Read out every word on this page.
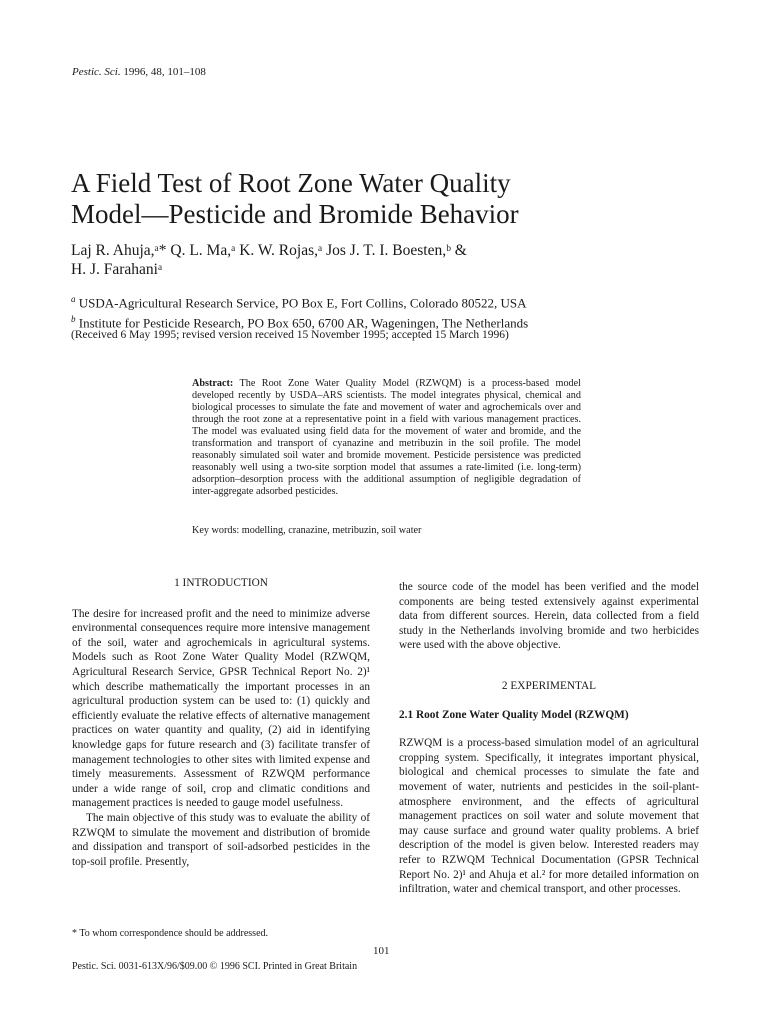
Pestic. Sci. 1996, 48, 101–108
A Field Test of Root Zone Water Quality
Model—Pesticide and Bromide Behavior
Laj R. Ahuja,ᵃ* Q. L. Ma,ᵃ K. W. Rojas,ᵃ Jos J. T. I. Boesten,ᵇ &
H. J. Farahaniᵃ
$^a$ USDA-Agricultural Research Service, PO Box E, Fort Collins, Colorado 80522, USA
$^b$ Institute for Pesticide Research, PO Box 650, 6700 AR, Wageningen, The Netherlands
(Received 6 May 1995; revised version received 15 November 1995; accepted 15 March 1996)
Abstract: The Root Zone Water Quality Model (RZWQM) is a process-based model developed recently by USDA–ARS scientists. The model integrates physical, chemical and biological processes to simulate the fate and movement of water and agrochemicals over and through the root zone at a representative point in a field with various management practices. The model was evaluated using field data for the movement of water and bromide, and the transformation and transport of cyanazine and metribuzin in the soil profile. The model reasonably simulated soil water and bromide movement. Pesticide persistence was predicted reasonably well using a two-site sorption model that assumes a rate-limited (i.e. long-term) adsorption–desorption process with the additional assumption of negligible degradation of inter-aggregate adsorbed pesticides.
Key words: modelling, cranazine, metribuzin, soil water
1 INTRODUCTION

The desire for increased profit and the need to minimize adverse environmental consequences require more intensive management of the soil, water and agrochemicals in agricultural systems. Models such as Root Zone Water Quality Model (RZWQM, Agricultural Research Service, GPSR Technical Report No. 2)¹ which describe mathematically the important processes in an agricultural production system can be used to: (1) quickly and efficiently evaluate the relative effects of alternative management practices on water quantity and quality, (2) aid in identifying knowledge gaps for future research and (3) facilitate transfer of management technologies to other sites with limited expense and timely measurements. Assessment of RZWQM performance under a wide range of soil, crop and climatic conditions and management practices is needed to gauge model usefulness.

The main objective of this study was to evaluate the ability of RZWQM to simulate the movement and distribution of bromide and dissipation and transport of soil-adsorbed pesticides in the top-soil profile. Presently,

the source code of the model has been verified and the model components are being tested extensively against experimental data from different sources. Herein, data collected from a field study in the Netherlands involving bromide and two herbicides were used with the above objective.

2 EXPERIMENTAL
2.1 Root Zone Water Quality Model (RZWQM)

RZWQM is a process-based simulation model of an agricultural cropping system. Specifically, it integrates important physical, biological and chemical processes to simulate the fate and movement of water, nutrients and pesticides in the soil-plant-atmosphere environment, and the effects of agricultural management practices on soil water and solute movement that may cause surface and ground water quality problems. A brief description of the model is given below. Interested readers may refer to RZWQM Technical Documentation (GPSR Technical Report No. 2)¹ and Ahuja et al.² for more detailed information on infiltration, water and chemical transport, and other processes.

* To whom correspondence should be addressed.
101
Pestic. Sci. 0031-613X/96/$09.00 © 1996 SCI. Printed in Great Britain
